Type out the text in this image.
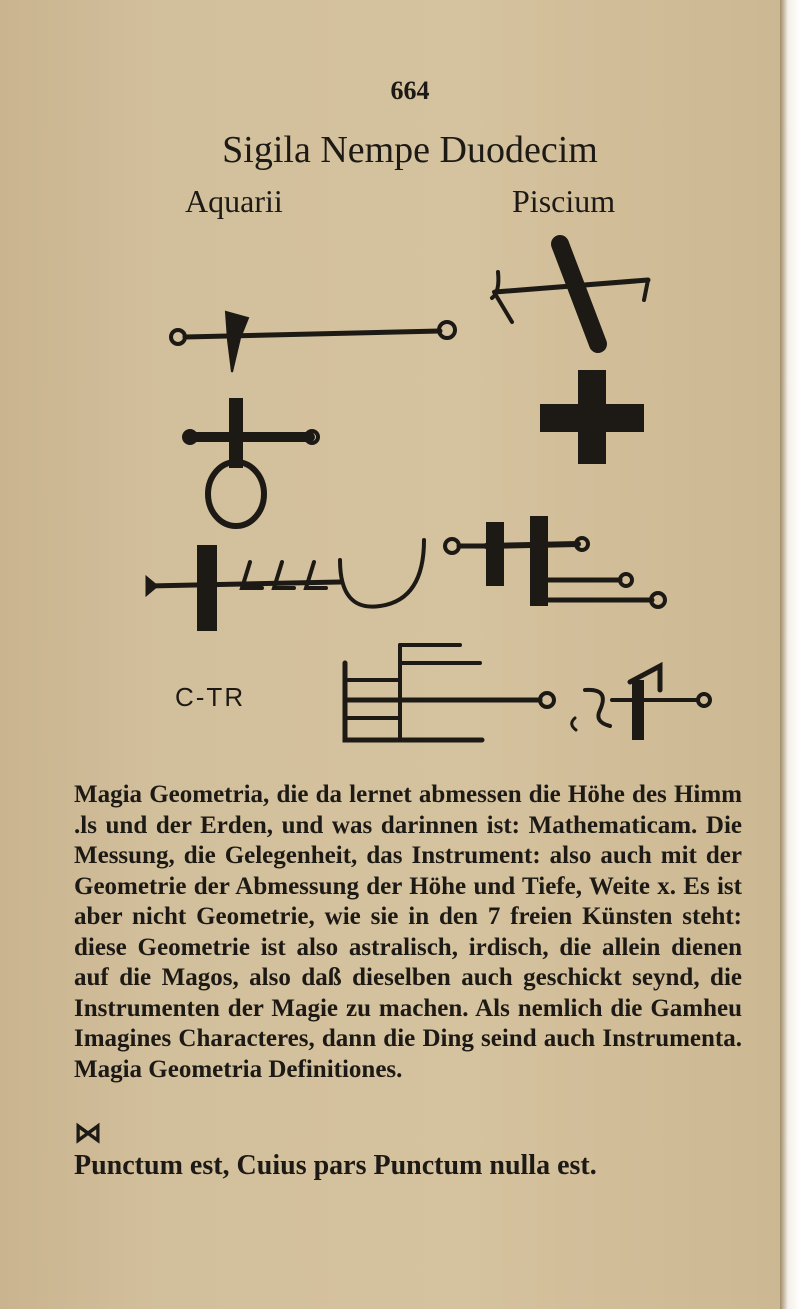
664
Sigila Nempe Duodecim
Aquarii	Piscium
C-TR

Magia Geometria, die da lernet abmessen die Höhe des Himm .ls und der Erden, und was darinnen ist: Mathematicam. Die Messung, die Gelegenheit, das Instrument: also auch mit der Geometrie der Abmessung der Höhe und Tiefe, Weite x. Es ist aber nicht Geometrie, wie sie in den 7 freien Künsten steht: diese Geometrie ist also astralisch, irdisch, die allein dienen auf die Magos, also daß dieselben auch geschickt seynd, die Instrumenten der Magie zu machen. Als nemlich die Gamheu Imagines Characteres, dann die Ding seind auch Instrumenta. Magia Geometria Definitiones.

⋈
Punctum est, Cuius pars Punctum nulla est.
